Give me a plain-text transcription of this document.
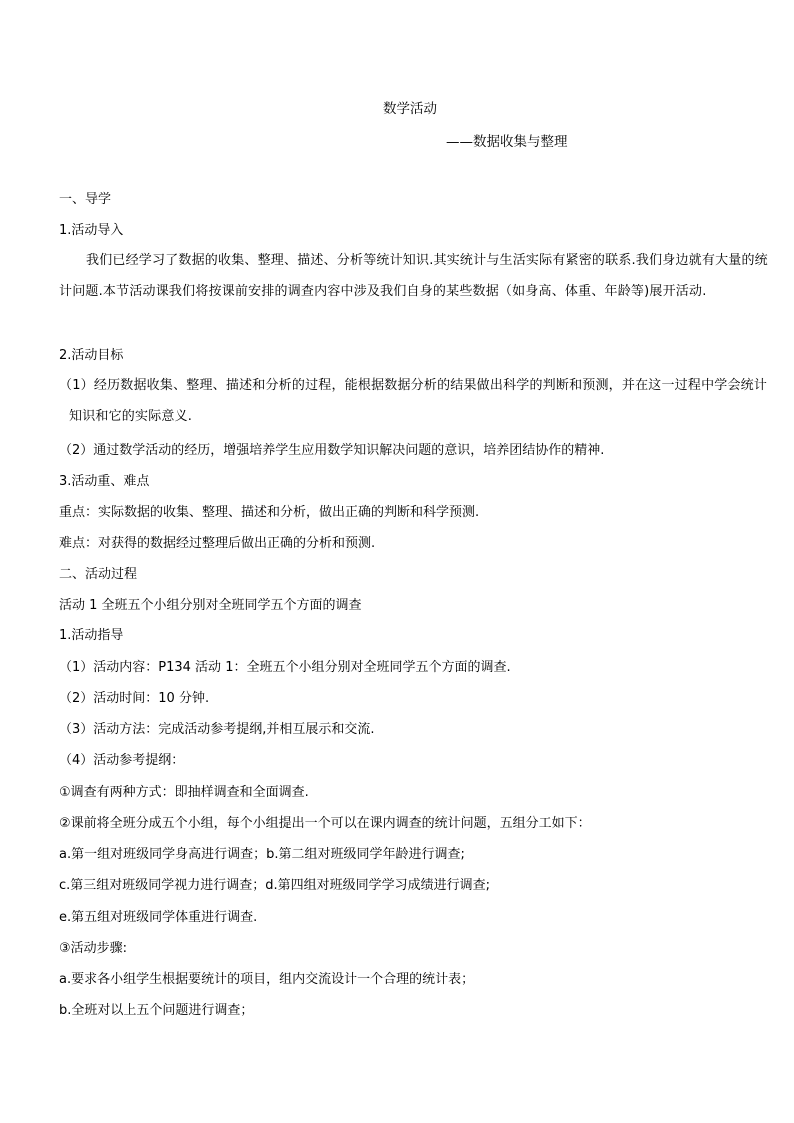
数学活动
——数据收集与整理
一、导学
1.活动导入
我们已经学习了数据的收集、整理、描述、分析等统计知识.其实统计与生活实际有紧密的联系.我们身边就有大量的统计问题.本节活动课我们将按课前安排的调查内容中涉及我们自身的某些数据（如身高、体重、年龄等)展开活动.
2.活动目标
（1）经历数据收集、整理、描述和分析的过程，能根据数据分析的结果做出科学的判断和预测，并在这一过程中学会统计知识和它的实际意义.
（2）通过数学活动的经历，增强培养学生应用数学知识解决问题的意识，培养团结协作的精神.
3.活动重、难点
重点：实际数据的收集、整理、描述和分析，做出正确的判断和科学预测.
难点：对获得的数据经过整理后做出正确的分析和预测.
二、活动过程
活动 1 全班五个小组分别对全班同学五个方面的调查
1.活动指导
（1）活动内容：P134 活动 1：全班五个小组分别对全班同学五个方面的调查.
（2）活动时间：10 分钟.
（3）活动方法：完成活动参考提纲,并相互展示和交流.
（4）活动参考提纲：
①调查有两种方式：即抽样调查和全面调查.
②课前将全班分成五个小组，每个小组提出一个可以在课内调查的统计问题，五组分工如下：
a.第一组对班级同学身高进行调查；b.第二组对班级同学年龄进行调查;
c.第三组对班级同学视力进行调查；d.第四组对班级同学学习成绩进行调查;
e.第五组对班级同学体重进行调查.
③活动步骤:
a.要求各小组学生根据要统计的项目，组内交流设计一个合理的统计表；
b.全班对以上五个问题进行调查；
